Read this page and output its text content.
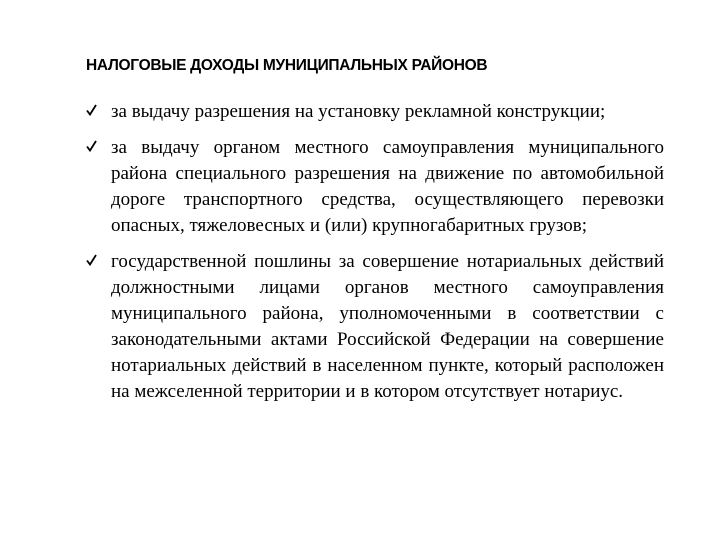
НАЛОГОВЫЕ ДОХОДЫ МУНИЦИПАЛЬНЫХ РАЙОНОВ
за выдачу разрешения на установку рекламной конструкции;
за выдачу органом местного самоуправления муниципального района специального разрешения на движение по автомобильной дороге транспортного средства, осуществляющего перевозки опасных, тяжеловесных и (или) крупногабаритных грузов;
государственной пошлины за совершение нотариальных действий должностными лицами органов местного самоуправления муниципального района, уполномоченными в соответствии с законодательными актами Российской Федерации на совершение нотариальных действий в населенном пункте, который расположен на межселенной территории и в котором отсутствует нотариус.
